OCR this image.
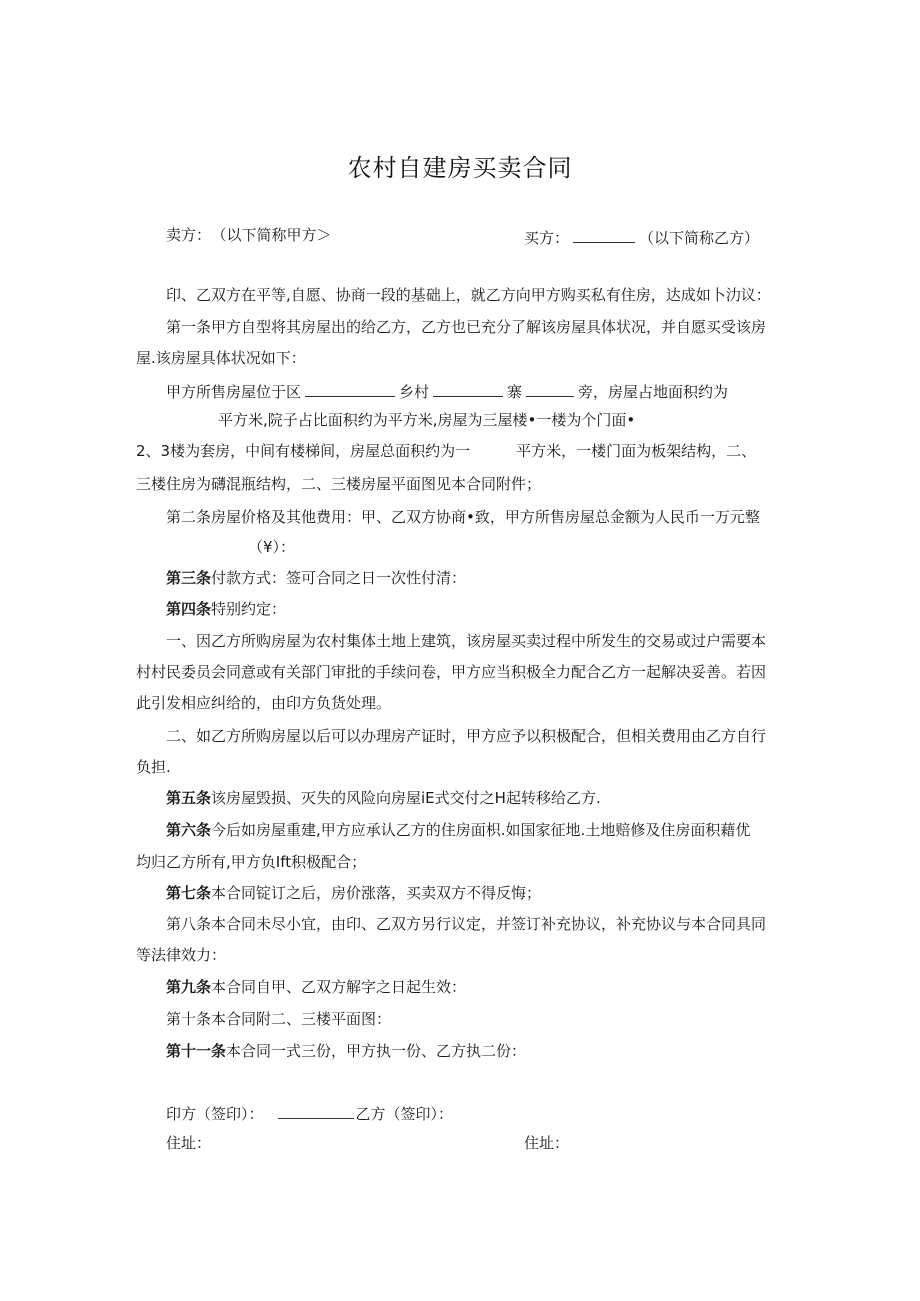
农村自建房买卖合同
卖方： （以下简称甲方＞	买方：	（以下简称乙方）
印、乙双方在平等,自愿、协商一段的基础上，就乙方向甲方购买私有住房，达成如卜氻议：
第一条甲方自型将其房屋出的给乙方，乙方也已充分了解该房屋具体状况，并自愿买受该房
屋.该房屋具体状况如下：
甲方所售房屋位于区	乡村	寨	旁，房屋占地面积约为
平方米,院子占比面积约为平方米,房屋为三屋楼•一楼为个门面•
2、3楼为套房，中间有楼梯间，房屋总面积约为一	平方米，一楼门面为板架结构，二、
三楼住房为礴混瓶结构，二、三楼房屋平面图见本合同附件；
第二条房屋价格及其他费用：甲、乙双方协商•致，甲方所售房屋总金额为人民币一万元整
（¥）：
第三条付款方式：签可合同之日一次性付清：
第四条特别约定：
一、因乙方所购房屋为农村集体土地上建筑，该房屋买卖过程中所发生的交易或过户需要本
村村民委员会同意或有关部门审批的手续问卷，甲方应当积极全力配合乙方一起解决妥善。若因
此引发相应纠给的，由印方负货处理。
二、如乙方所购房屋以后可以办理房产证时，甲方应予以积极配合，但相关费用由乙方自行
负担.
第五条该房屋毁损、灭失的风险向房屋iE式交付之H起转移给乙方.
第六条今后如房屋重建,甲方应承认乙方的住房面枳.如国家征地.土地赔修及住房面积藉优
均归乙方所有,甲方负Ift积极配合；
第七条本合同锭订之后，房价涨落，买卖双方不得反悔；
第八条本合同未尽小宜，由印、乙双方另行议定，并签订补充协议，补充协议与本合同具同
等法律效力：
第九条本合同自甲、乙双方解字之日起生效：
第十条本合同附二、三楼平面图：
第十一条本合同一式三份，甲方执一份、乙方执二份：
印方（签印）：	乙方（签印）：
住址：	住址：
